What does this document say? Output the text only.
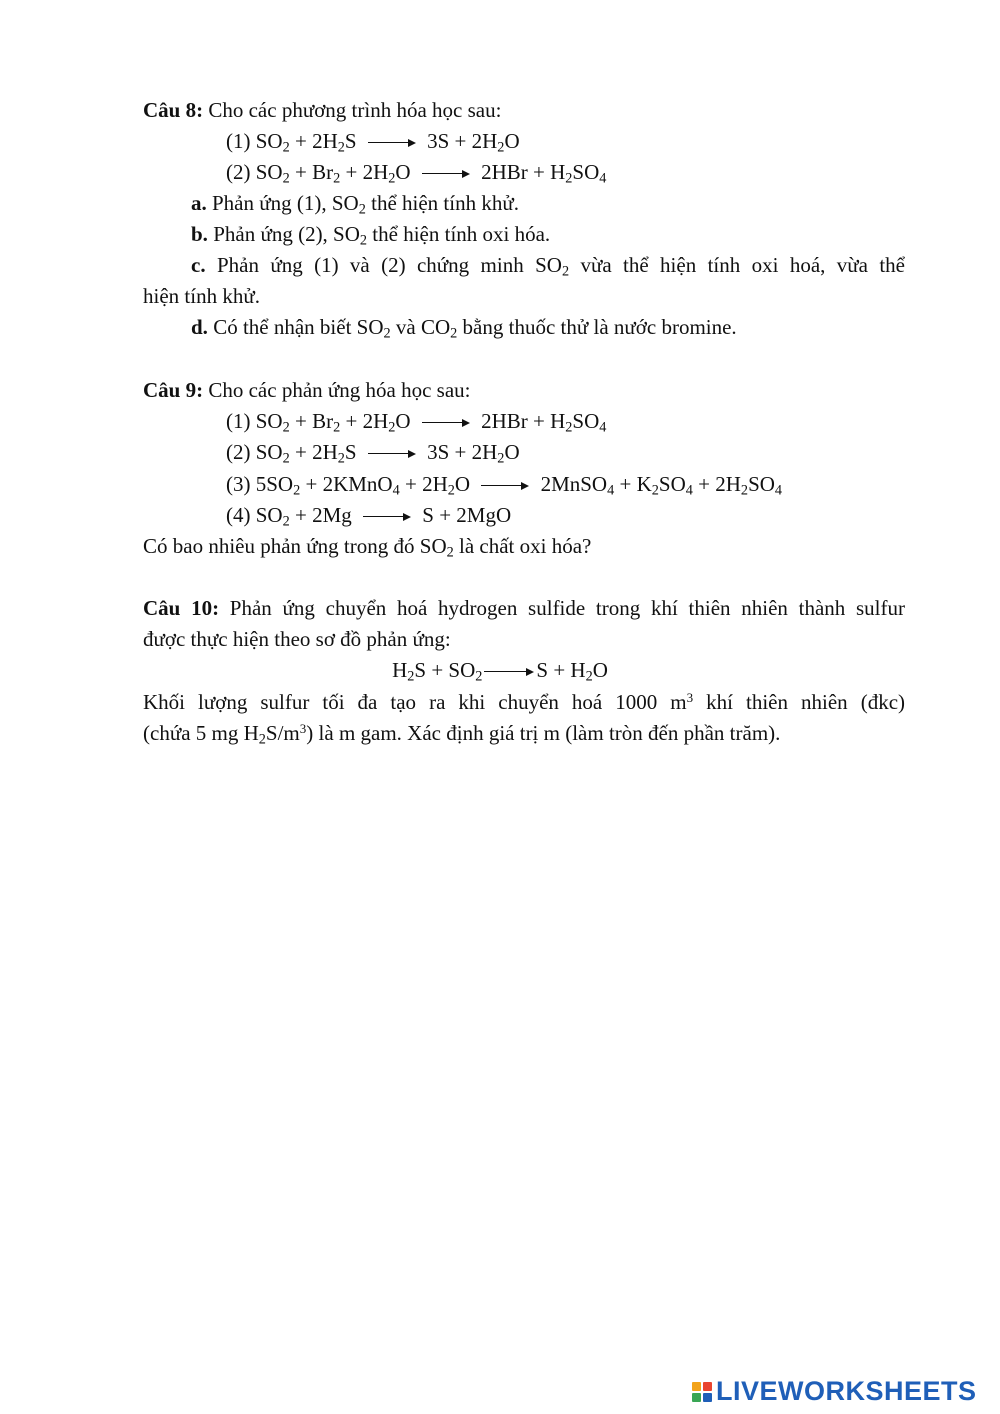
Câu 8: Cho các phương trình hóa học sau:
(1) $SO_2 + 2H_2S$	$3S + 2H_2O$
(2) $SO_2 + Br_2 + 2H_2O$	$2HBr + H_2SO_4$
a. Phản ứng (1), $SO_2$ thể hiện tính khử.
b. Phản ứng (2), $SO_2$ thể hiện tính oxi hóa.
c. Phản ứng (1) và (2) chứng minh $SO_2$ vừa thể hiện tính oxi hoá, vừa thể
hiện tính khử.
d. Có thể nhận biết $SO_2$ và $CO_2$ bằng thuốc thử là nước bromine.
Câu 9: Cho các phản ứng hóa học sau:
(1) $SO_2 + Br_2 + 2H_2O$	$2HBr + H_2SO_4$
(2) $SO_2 + 2H_2S$	$3S + 2H_2O$
(3) $5SO_2$ + 2KMnO$_4$ + $2H_2O$	2MnSO$_4$ + $K_2SO_4 + 2H_2SO_4$
(4) $SO_2 + 2Mg$	S + 2MgO
Có bao nhiêu phản ứng trong đó $SO_2$ là chất oxi hóa?
Câu 10: Phản ứng chuyển hoá hydrogen sulfide trong khí thiên nhiên thành sulfur
được thực hiện theo sơ đồ phản ứng:
$H_2S + SO_2$	$S + H_2O$
Khối lượng sulfur tối đa tạo ra khi chuyển hoá 1000 $m^3$ khí thiên nhiên (đkc)
(chứa 5 mg $H_2S/m^3$) là m gam. Xác định giá trị m (làm tròn đến phần trăm).
LIVEWORKSHEETS
